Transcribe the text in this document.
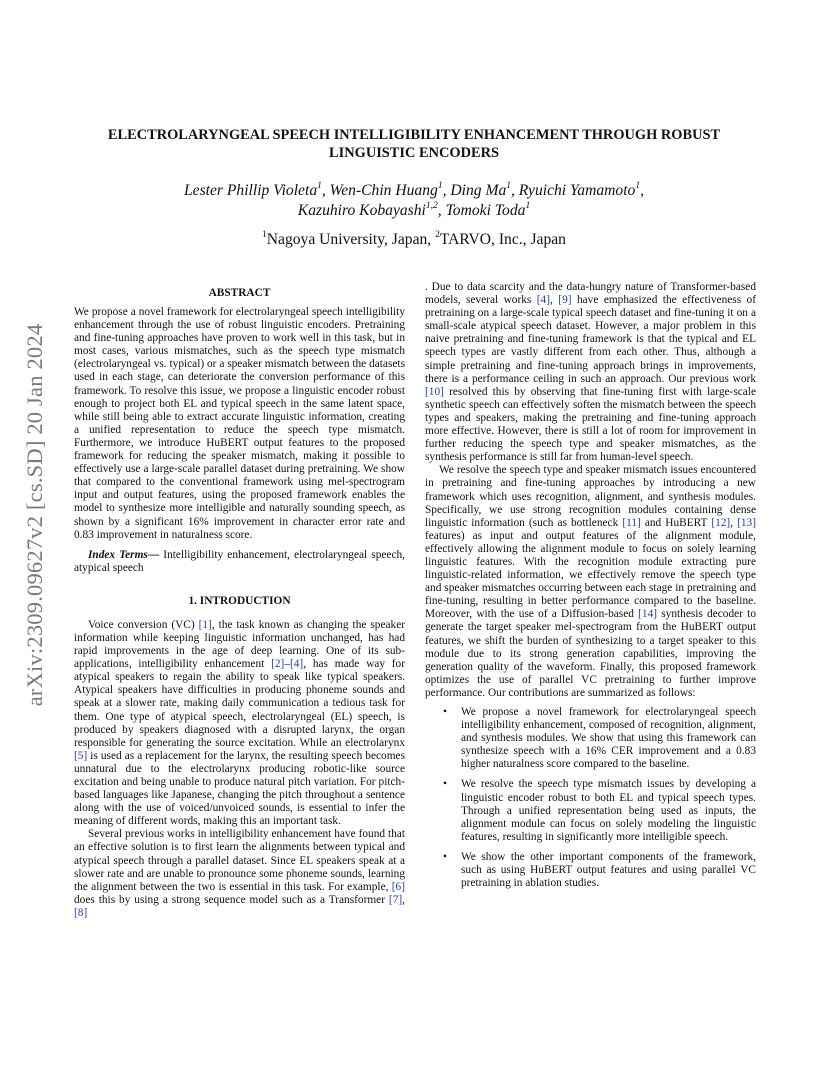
arXiv:2309.09627v2 [cs.SD] 20 Jan 2024
ELECTROLARYNGEAL SPEECH INTELLIGIBILITY ENHANCEMENT THROUGH ROBUST LINGUISTIC ENCODERS
Lester Phillip Violeta$^1$, Wen-Chin Huang$^1$, Ding Ma$^1$, Ryuichi Yamamoto$^1$,
Kazuhiro Kobayashi$^{1,2}$, Tomoki Toda$^1$
$^1$Nagoya University, Japan, $^2$TARVO, Inc., Japan
ABSTRACT

We propose a novel framework for electrolaryngeal speech intelligibility enhancement through the use of robust linguistic encoders. Pretraining and fine-tuning approaches have proven to work well in this task, but in most cases, various mismatches, such as the speech type mismatch (electrolaryngeal vs. typical) or a speaker mismatch between the datasets used in each stage, can deteriorate the conversion performance of this framework. To resolve this issue, we propose a linguistic encoder robust enough to project both EL and typical speech in the same latent space, while still being able to extract accurate linguistic information, creating a unified representation to reduce the speech type mismatch. Furthermore, we introduce HuBERT output features to the proposed framework for reducing the speaker mismatch, making it possible to effectively use a large-scale parallel dataset during pretraining. We show that compared to the conventional framework using mel-spectrogram input and output features, using the proposed framework enables the model to synthesize more intelligible and naturally sounding speech, as shown by a significant 16% improvement in character error rate and 0.83 improvement in naturalness score.

Index Terms— Intelligibility enhancement, electrolaryngeal speech, atypical speech

1. INTRODUCTION

Voice conversion (VC) [1], the task known as changing the speaker information while keeping linguistic information unchanged, has had rapid improvements in the age of deep learning. One of its sub-applications, intelligibility enhancement [2]–[4], has made way for atypical speakers to regain the ability to speak like typical speakers. Atypical speakers have difficulties in producing phoneme sounds and speak at a slower rate, making daily communication a tedious task for them. One type of atypical speech, electrolaryngeal (EL) speech, is produced by speakers diagnosed with a disrupted larynx, the organ responsible for generating the source excitation. While an electrolarynx [5] is used as a replacement for the larynx, the resulting speech becomes unnatural due to the electrolarynx producing robotic-like source excitation and being unable to produce natural pitch variation. For pitch-based languages like Japanese, changing the pitch throughout a sentence along with the use of voiced/unvoiced sounds, is essential to infer the meaning of different words, making this an important task.

Several previous works in intelligibility enhancement have found that an effective solution is to first learn the alignments between typical and atypical speech through a parallel dataset. Since EL speakers speak at a slower rate and are unable to pronounce some phoneme sounds, learning the alignment between the two is essential in this task. For example, [6] does this by using a strong sequence model such as a Transformer [7], [8]

. Due to data scarcity and the data-hungry nature of Transformer-based models, several works [4], [9] have emphasized the effectiveness of pretraining on a large-scale typical speech dataset and fine-tuning it on a small-scale atypical speech dataset. However, a major problem in this naive pretraining and fine-tuning framework is that the typical and EL speech types are vastly different from each other. Thus, although a simple pretraining and fine-tuning approach brings in improvements, there is a performance ceiling in such an approach. Our previous work [10] resolved this by observing that fine-tuning first with large-scale synthetic speech can effectively soften the mismatch between the speech types and speakers, making the pretraining and fine-tuning approach more effective. However, there is still a lot of room for improvement in further reducing the speech type and speaker mismatches, as the synthesis performance is still far from human-level speech.

We resolve the speech type and speaker mismatch issues encountered in pretraining and fine-tuning approaches by introducing a new framework which uses recognition, alignment, and synthesis modules. Specifically, we use strong recognition modules containing dense linguistic information (such as bottleneck [11] and HuBERT [12], [13] features) as input and output features of the alignment module, effectively allowing the alignment module to focus on solely learning linguistic features. With the recognition module extracting pure linguistic-related information, we effectively remove the speech type and speaker mismatches occurring between each stage in pretraining and fine-tuning, resulting in better performance compared to the baseline. Moreover, with the use of a Diffusion-based [14] synthesis decoder to generate the target speaker mel-spectrogram from the HuBERT output features, we shift the burden of synthesizing to a target speaker to this module due to its strong generation capabilities, improving the generation quality of the waveform. Finally, this proposed framework optimizes the use of parallel VC pretraining to further improve performance. Our contributions are summarized as follows:

• We propose a novel framework for electrolaryngeal speech intelligibility enhancement, composed of recognition, alignment, and synthesis modules. We show that using this framework can synthesize speech with a 16% CER improvement and a 0.83 higher naturalness score compared to the baseline.
• We resolve the speech type mismatch issues by developing a linguistic encoder robust to both EL and typical speech types. Through a unified representation being used as inputs, the alignment module can focus on solely modeling the linguistic features, resulting in significantly more intelligible speech.
• We show the other important components of the framework, such as using HuBERT output features and using parallel VC pretraining in ablation studies.
